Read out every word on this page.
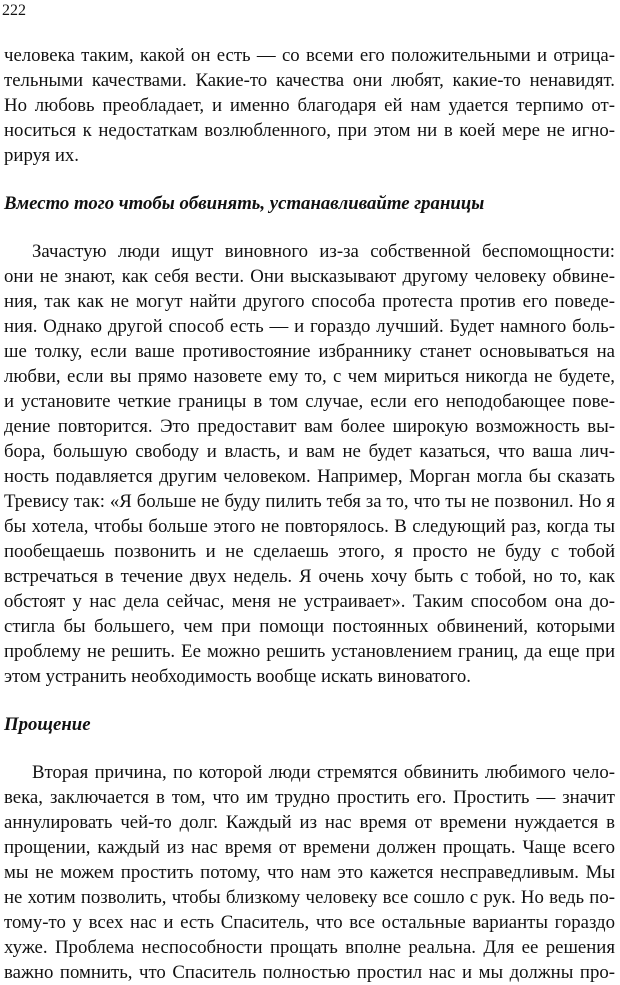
222
человека таким, какой он есть — со всеми его положительными и отрица-
тельными качествами. Какие-то качества они любят, какие-то ненавидят.
Но любовь преобладает, и именно благодаря ей нам удается терпимо от-
носиться к недостаткам возлюбленного, при этом ни в коей мере не игно-
рируя их.
Вместо того чтобы обвинять, устанавливайте границы
Зачастую люди ищут виновного из-за собственной беспомощности:
они не знают, как себя вести. Они высказывают другому человеку обвине-
ния, так как не могут найти другого способа протеста против его поведе-
ния. Однако другой способ есть — и гораздо лучший. Будет намного боль-
ше толку, если ваше противостояние избраннику станет основываться на
любви, если вы прямо назовете ему то, с чем мириться никогда не будете,
и установите четкие границы в том случае, если его неподобающее пове-
дение повторится. Это предоставит вам более широкую возможность вы-
бора, большую свободу и власть, и вам не будет казаться, что ваша лич-
ность подавляется другим человеком. Например, Морган могла бы сказать
Тревису так: «Я больше не буду пилить тебя за то, что ты не позвонил. Но я
бы хотела, чтобы больше этого не повторялось. В следующий раз, когда ты
пообещаешь позвонить и не сделаешь этого, я просто не буду с тобой
встречаться в течение двух недель. Я очень хочу быть с тобой, но то, как
обстоят у нас дела сейчас, меня не устраивает». Таким способом она до-
стигла бы большего, чем при помощи постоянных обвинений, которыми
проблему не решить. Ее можно решить установлением границ, да еще при
этом устранить необходимость вообще искать виноватого.
Прощение
Вторая причина, по которой люди стремятся обвинить любимого чело-
века, заключается в том, что им трудно простить его. Простить — значит
аннулировать чей-то долг. Каждый из нас время от времени нуждается в
прощении, каждый из нас время от времени должен прощать. Чаще всего
мы не можем простить потому, что нам это кажется несправедливым. Мы
не хотим позволить, чтобы близкому человеку все сошло с рук. Но ведь по-
тому-то у всех нас и есть Спаситель, что все остальные варианты гораздо
хуже. Проблема неспособности прощать вполне реальна. Для ее решения
важно помнить, что Спаситель полностью простил нас и мы должны про-
